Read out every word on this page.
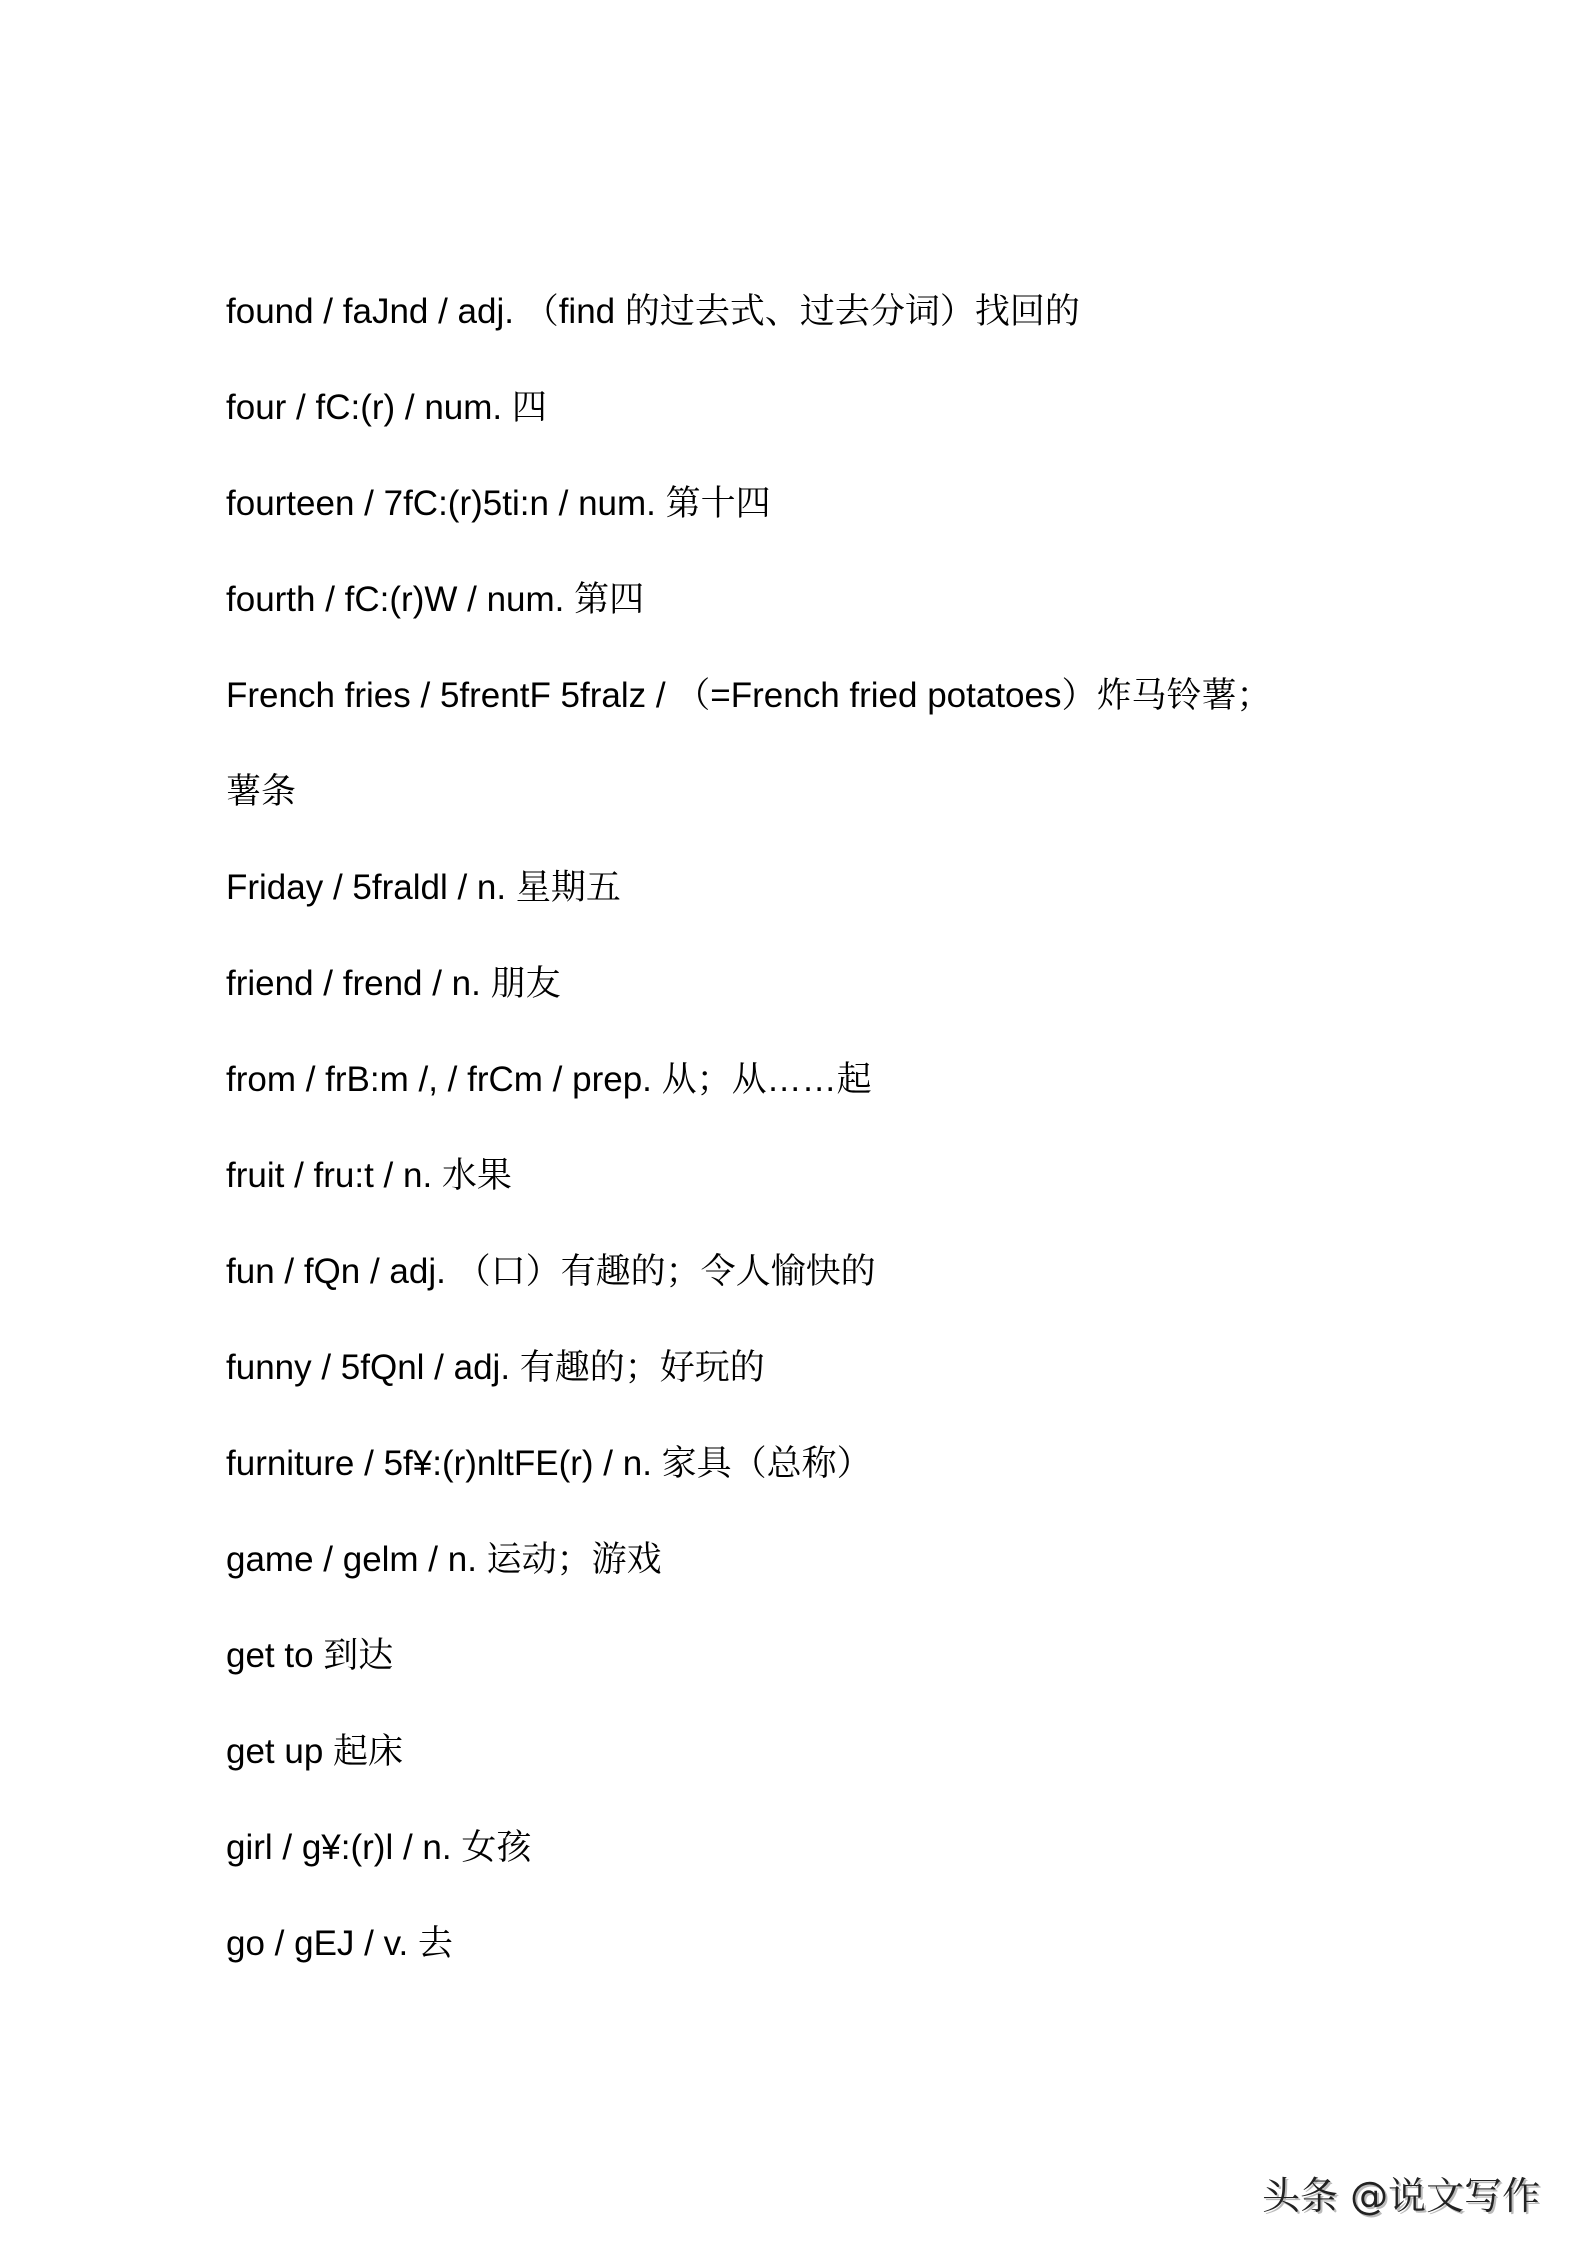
found / faJnd / adj. （find 的过去式、过去分词）找回的
four / fC:(r) / num. 四
fourteen / 7fC:(r)5ti:n / num. 第十四
fourth / fC:(r)W / num. 第四
French fries / 5frentF 5fralz / （=French fried potatoes）炸马铃薯；
薯条
Friday / 5fraldl / n. 星期五
friend / frend / n. 朋友
from / frB:m /, / frCm / prep. 从；从……起
fruit / fru:t / n. 水果
fun / fQn / adj. （口）有趣的；令人愉快的
funny / 5fQnl / adj. 有趣的；好玩的
furniture / 5f¥:(r)nltFE(r) / n. 家具（总称）
game / gelm / n. 运动；游戏
get to 到达
get up 起床
girl / g¥:(r)l / n. 女孩
go / gEJ / v. 去
头条 @说文写作
